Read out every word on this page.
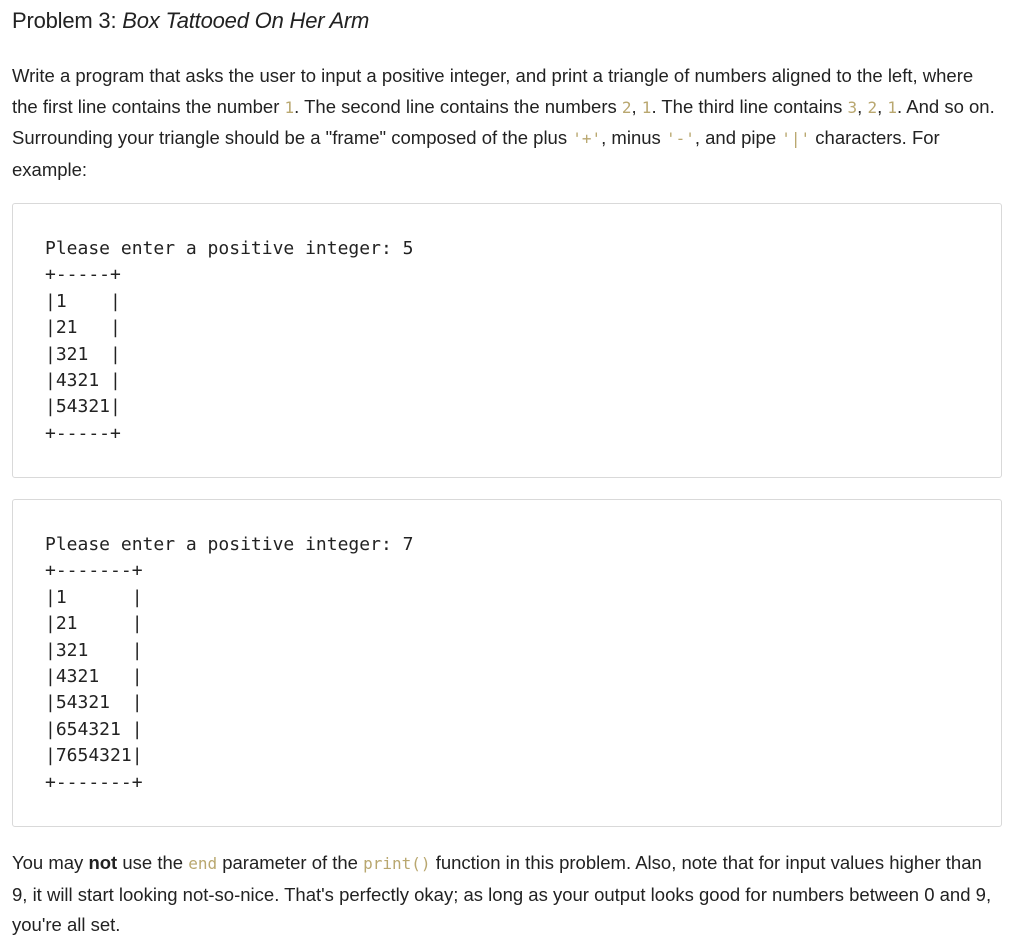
Problem 3: Box Tattooed On Her Arm

Write a program that asks the user to input a positive integer, and print a triangle of numbers aligned to the left, where the first line contains the number 1. The second line contains the numbers 2, 1. The third line contains 3, 2, 1. And so on. Surrounding your triangle should be a "frame" composed of the plus '+', minus '-', and pipe '|' characters. For example:

Please enter a positive integer: 5
+-----+
|1    |
|21   |
|321  |
|4321 |
|54321|
+-----+
Please enter a positive integer: 7
+-------+
|1      |
|21     |
|321    |
|4321   |
|54321  |
|654321 |
|7654321|
+-------+

You may not use the end parameter of the print() function in this problem. Also, note that for input values higher than 9, it will start looking not-so-nice. That's perfectly okay; as long as your output looks good for numbers between 0 and 9, you're all set.
